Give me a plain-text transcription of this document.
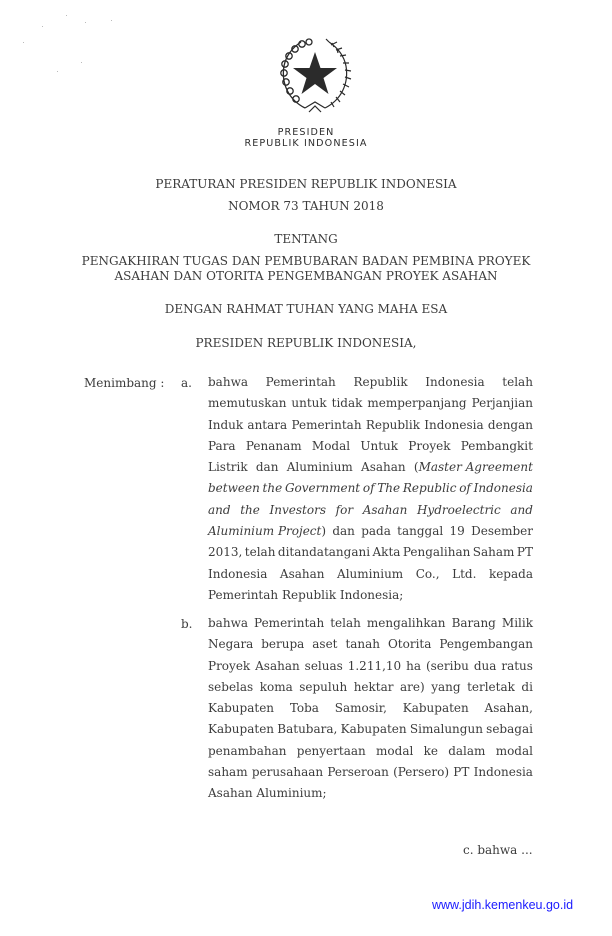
PRESIDEN
REPUBLIK INDONESIA
PERATURAN PRESIDEN REPUBLIK INDONESIA
NOMOR 73 TAHUN 2018
TENTANG
PENGAKHIRAN TUGAS DAN PEMBUBARAN BADAN PEMBINA PROYEK
ASAHAN DAN OTORITA PENGEMBANGAN PROYEK ASAHAN
DENGAN RAHMAT TUHAN YANG MAHA ESA
PRESIDEN REPUBLIK INDONESIA,
Menimbang : a. bahwa Pemerintah Republik Indonesia telah
memutuskan untuk tidak memperpanjang Perjanjian
Induk antara Pemerintah Republik Indonesia dengan
Para Penanam Modal Untuk Proyek Pembangkit
Listrik dan Aluminium Asahan (Master Agreement
between the Government of The Republic of Indonesia
and the Investors for Asahan Hydroelectric and
Aluminium Project) dan pada tanggal 19 Desember
2013, telah ditandatangani Akta Pengalihan Saham PT
Indonesia Asahan Aluminium Co., Ltd. kepada
Pemerintah Republik Indonesia;
b. bahwa Pemerintah telah mengalihkan Barang Milik
Negara berupa aset tanah Otorita Pengembangan
Proyek Asahan seluas 1.211,10 ha (seribu dua ratus
sebelas koma sepuluh hektar are) yang terletak di
Kabupaten Toba Samosir, Kabupaten Asahan,
Kabupaten Batubara, Kabupaten Simalungun sebagai
penambahan penyertaan modal ke dalam modal
saham perusahaan Perseroan (Persero) PT Indonesia
Asahan Aluminium;
c. bahwa ...
www.jdih.kemenkeu.go.id
